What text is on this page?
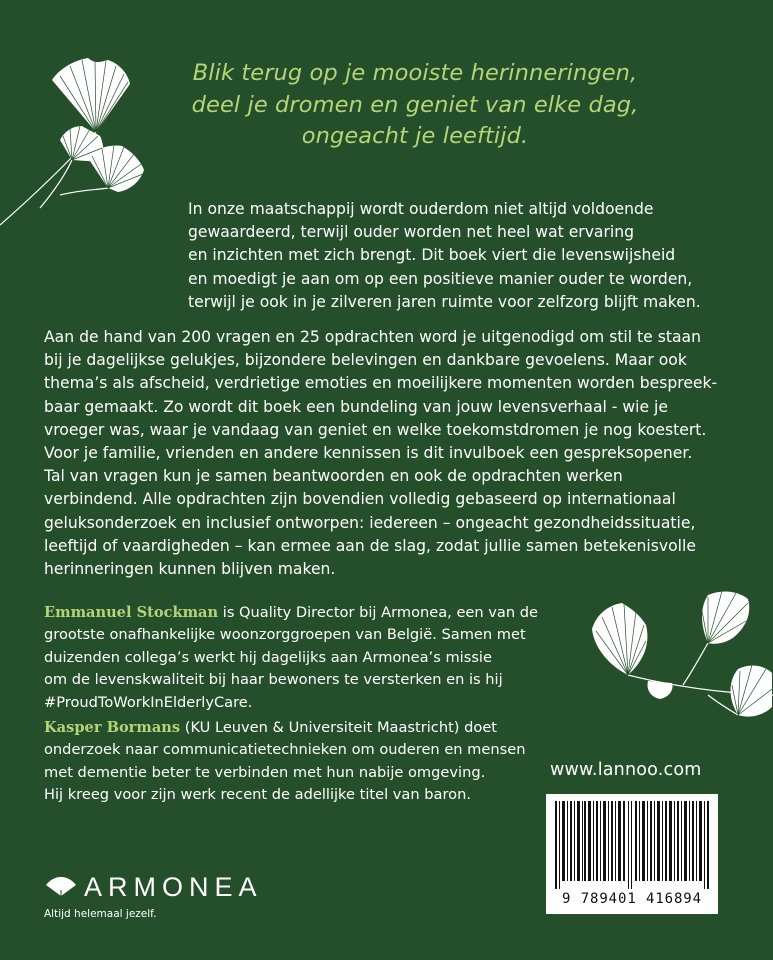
Blik terug op je mooiste herinneringen,
deel je dromen en geniet van elke dag,
ongeacht je leeftijd.
In onze maatschappij wordt ouderdom niet altijd voldoende
gewaardeerd, terwijl ouder worden net heel wat ervaring
en inzichten met zich brengt. Dit boek viert die levenswijsheid
en moedigt je aan om op een positieve manier ouder te worden,
terwijl je ook in je zilveren jaren ruimte voor zelfzorg blijft maken.
Aan de hand van 200 vragen en 25 opdrachten word je uitgenodigd om stil te staan
bij je dagelijkse gelukjes, bijzondere belevingen en dankbare gevoelens. Maar ook
thema’s als afscheid, verdrietige emoties en moeilijkere momenten worden bespreek-
baar gemaakt. Zo wordt dit boek een bundeling van jouw levensverhaal - wie je
vroeger was, waar je vandaag van geniet en welke toekomstdromen je nog koestert.
Voor je familie, vrienden en andere kennissen is dit invulboek een gespreksopener.
Tal van vragen kun je samen beantwoorden en ook de opdrachten werken
verbindend. Alle opdrachten zijn bovendien volledig gebaseerd op internationaal
geluksonderzoek en inclusief ontworpen: iedereen – ongeacht gezondheidssituatie,
leeftijd of vaardigheden – kan ermee aan de slag, zodat jullie samen betekenisvolle
herinneringen kunnen blijven maken.
Emmanuel Stockman is Quality Director bij Armonea, een van de
grootste onafhankelijke woonzorggroepen van België. Samen met
duizenden collega’s werkt hij dagelijks aan Armonea’s missie
om de levenskwaliteit bij haar bewoners te versterken en is hij
#ProudToWorkInElderlyCare.
Kasper Bormans (KU Leuven & Universiteit Maastricht) doet
onderzoek naar communicatietechnieken om ouderen en mensen
met dementie beter te verbinden met hun nabije omgeving.
Hij kreeg voor zijn werk recent de adellijke titel van baron.
www.lannoo.com
9 789401 416894
ARMONEA
Altijd helemaal jezelf.
